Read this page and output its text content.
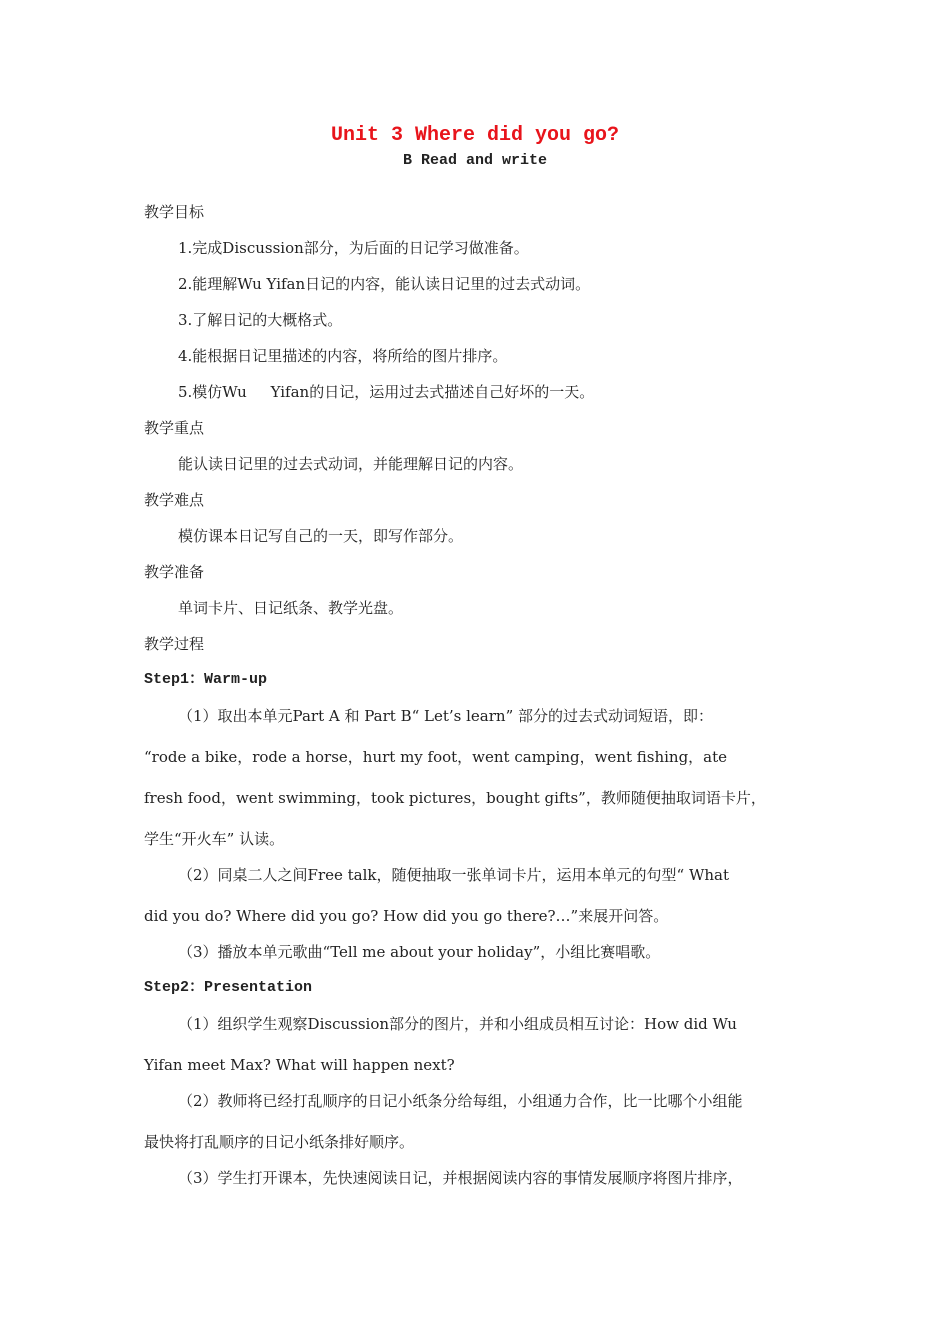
Unit 3 Where did you go?
B Read and write
教学目标
1.完成Discussion部分，为后面的日记学习做准备。
2.能理解Wu Yifan日记的内容，能认读日记里的过去式动词。
3.了解日记的大概格式。
4.能根据日记里描述的内容，将所给的图片排序。
5.模仿Wu     Yifan的日记，运用过去式描述自己好坏的一天。
教学重点
能认读日记里的过去式动词，并能理解日记的内容。
教学难点
模仿课本日记写自己的一天，即写作部分。
教学准备
单词卡片、日记纸条、教学光盘。
教学过程
Step1：Warm-up
（1）取出本单元Part A 和 Part B“ Let’s learn” 部分的过去式动词短语，即：
“rode a bike，rode a horse，hurt my foot，went camping，went fishing，ate
fresh food，went swimming，took pictures，bought gifts”，教师随便抽取词语卡片，
学生“开火车” 认读。
（2）同桌二人之间Free talk，随便抽取一张单词卡片，运用本单元的句型“ What
did you do? Where did you go? How did you go there?…”来展开问答。
（3）播放本单元歌曲“Tell me about your holiday”，小组比赛唱歌。
Step2：Presentation
（1）组织学生观察Discussion部分的图片，并和小组成员相互讨论：How did Wu
Yifan meet Max? What will happen next?
（2）教师将已经打乱顺序的日记小纸条分给每组，小组通力合作，比一比哪个小组能
最快将打乱顺序的日记小纸条排好顺序。
（3）学生打开课本，先快速阅读日记，并根据阅读内容的事情发展顺序将图片排序，
